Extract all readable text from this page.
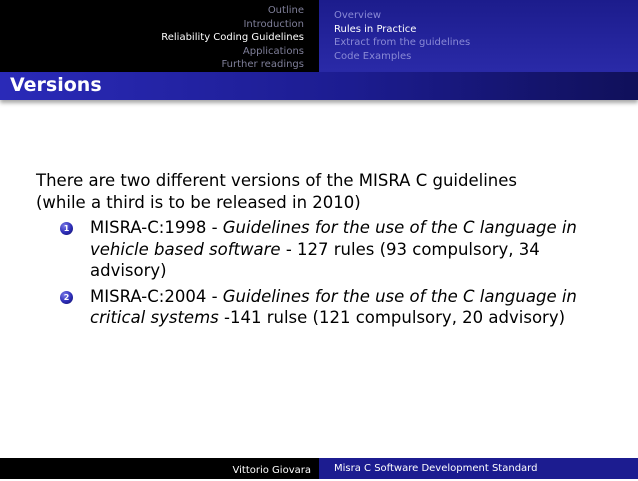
Outline
Introduction
Reliability Coding Guidelines
Applications
Further readings
Overview
Rules in Practice
Extract from the guidelines
Code Examples
Versions

There are two different versions of the MISRA C guidelines
(while a third is to be released in 2010)

1 MISRA-C:1998 - Guidelines for the use of the C language in vehicle based software - 127 rules (93 compulsory, 34 advisory)
2 MISRA-C:2004 - Guidelines for the use of the C language in critical systems -141 rulse (121 compulsory, 20 advisory)
Vittorio Giovara	Misra C Software Development Standard
